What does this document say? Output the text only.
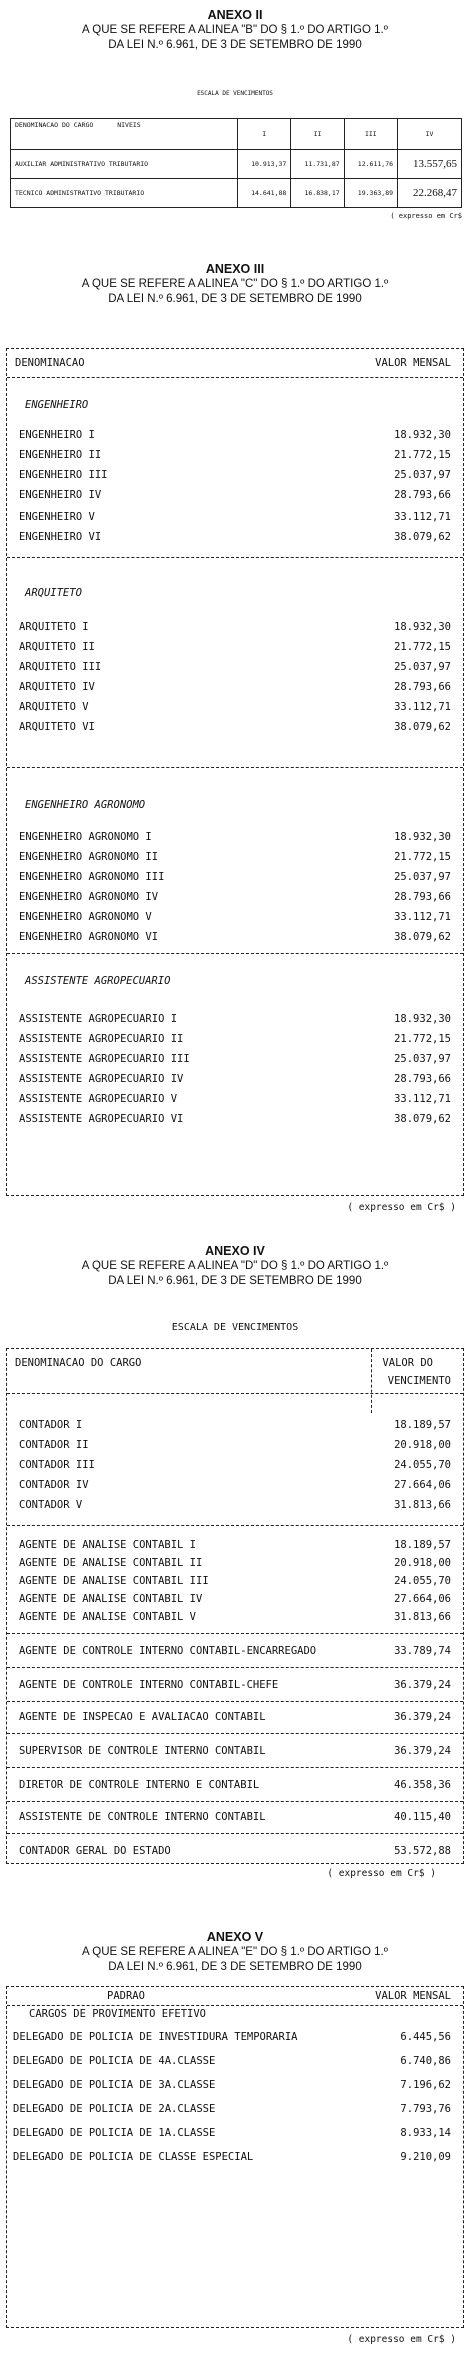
ANEXO II
A QUE SE REFERE A ALINEA "B" DO § 1.º DO ARTIGO 1.º
DA LEI N.º 6.961, DE 3 DE SETEMBRO DE 1990
ESCALA DE VENCIMENTOS
DENOMINACAO DO CARGO NIVEIS	I	II	III	IV
AUXILIAR ADMINISTRATIVO TRIBUTARIO	10.913,37	11.731,87	12.611,76	13.557,65
TECNICO ADMINISTRATIVO TRIBUTARIO	14.641,88	16.838,17	19.363,89	22.268,47
( expresso em Cr$
ANEXO III
A QUE SE REFERE A ALINEA "C" DO § 1.º DO ARTIGO 1.º
DA LEI N.º 6.961, DE 3 DE SETEMBRO DE 1990
DENOMINACAO	VALOR MENSAL
ENGENHEIRO
ENGENHEIRO I	18.932,30
ENGENHEIRO II	21.772,15
ENGENHEIRO III	25.037,97
ENGENHEIRO IV	28.793,66
ENGENHEIRO V	33.112,71
ENGENHEIRO VI	38.079,62
ARQUITETO
ARQUITETO I	18.932,30
ARQUITETO II	21.772,15
ARQUITETO III	25.037,97
ARQUITETO IV	28.793,66
ARQUITETO V	33.112,71
ARQUITETO VI	38.079,62
ENGENHEIRO AGRONOMO
ENGENHEIRO AGRONOMO I	18.932,30
ENGENHEIRO AGRONOMO II	21.772,15
ENGENHEIRO AGRONOMO III	25.037,97
ENGENHEIRO AGRONOMO IV	28.793,66
ENGENHEIRO AGRONOMO V	33.112,71
ENGENHEIRO AGRONOMO VI	38.079,62
ASSISTENTE AGROPECUARIO
ASSISTENTE AGROPECUARIO I	18.932,30
ASSISTENTE AGROPECUARIO II	21.772,15
ASSISTENTE AGROPECUARIO III	25.037,97
ASSISTENTE AGROPECUARIO IV	28.793,66
ASSISTENTE AGROPECUARIO V	33.112,71
ASSISTENTE AGROPECUARIO VI	38.079,62
( expresso em Cr$ )
ANEXO IV
A QUE SE REFERE A ALINEA "D" DO § 1.º DO ARTIGO 1.º
DA LEI N.º 6.961, DE 3 DE SETEMBRO DE 1990
ESCALA DE VENCIMENTOS
DENOMINACAO DO CARGO	VALOR DO
VENCIMENTO
CONTADOR I	18.189,57
CONTADOR II	20.918,00
CONTADOR III	24.055,70
CONTADOR IV	27.664,06
CONTADOR V	31.813,66
AGENTE DE ANALISE CONTABIL I	18.189,57
AGENTE DE ANALISE CONTABIL II	20.918,00
AGENTE DE ANALISE CONTABIL III	24.055,70
AGENTE DE ANALISE CONTABIL IV	27.664,06
AGENTE DE ANALISE CONTABIL V	31.813,66
AGENTE DE CONTROLE INTERNO CONTABIL-ENCARREGADO	33.789,74
AGENTE DE CONTROLE INTERNO CONTABIL-CHEFE	36.379,24
AGENTE DE INSPECAO E AVALIACAO CONTABIL	36.379,24
SUPERVISOR DE CONTROLE INTERNO CONTABIL	36.379,24
DIRETOR DE CONTROLE INTERNO E CONTABIL	46.358,36
ASSISTENTE DE CONTROLE INTERNO CONTABIL	40.115,40
CONTADOR GERAL DO ESTADO	53.572,88
( expresso em Cr$ )
ANEXO V
A QUE SE REFERE A ALINEA "E" DO § 1.º DO ARTIGO 1.º
DA LEI N.º 6.961, DE 3 DE SETEMBRO DE 1990
PADRAO	VALOR MENSAL
CARGOS DE PROVIMENTO EFETIVO
DELEGADO DE POLICIA DE INVESTIDURA TEMPORARIA	6.445,56
DELEGADO DE POLICIA DE 4A.CLASSE	6.740,86
DELEGADO DE POLICIA DE 3A.CLASSE	7.196,62
DELEGADO DE POLICIA DE 2A.CLASSE	7.793,76
DELEGADO DE POLICIA DE 1A.CLASSE	8.933,14
DELEGADO DE POLICIA DE CLASSE ESPECIAL	9.210,09
( expresso em Cr$ )
